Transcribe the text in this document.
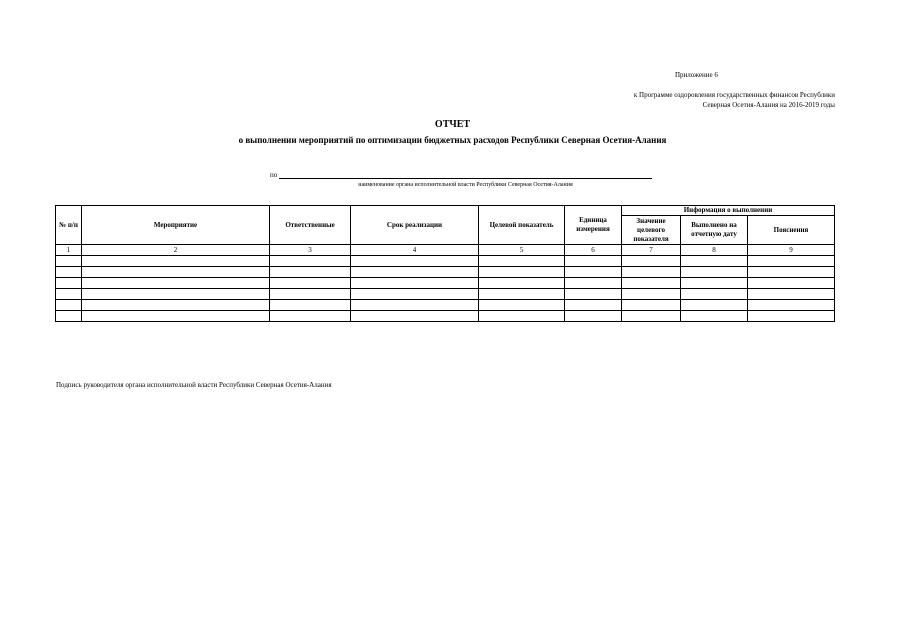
Приложение 6
к Программе оздоровления государственных финансов Республики
Северная Осетия-Алания на 2016-2019 годы
ОТЧЕТ
о выполнении мероприятий по оптимизации бюджетных расходов Республики Северная Осетия-Алания
по
наименование органа исполнительной власти Республики Северная Осетия-Алания
№ п/п	Мероприятие	Ответственные	Срок реализации	Целевой показатель	Единица измерения	Информация о выполнении		
						Значение целевого показателя	Выполнено на отчетную дату	Пояснения
1	2	3	4	5	6	7	8	9

Подпись руководителя органа исполнительной власти Республики Северная Осетия-Алания
